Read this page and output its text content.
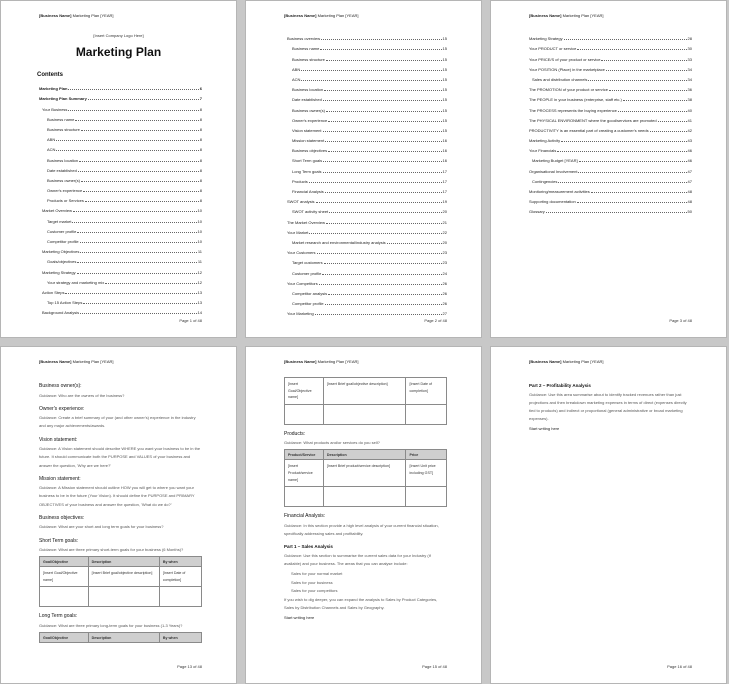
[Business Name] Marketing Plan [YEAR]
[Insert Company Logo Here]
Marketing Plan
Contents
Marketing Plan	6
Marketing Plan Summary	7
Your Business	8
Business name	8
Business structure	8
ABN	8
ACN	8
Business location	8
Date established	8
Business owner(s)	8
Owner's experience	8
Products or Services	8
Market Overview	10
Target market	10
Customer profile	10
Competitor profile	10
Marketing Objectives	11
Goals/objectives	11
Marketing Strategy	12
Your strategy and marketing mix	12
Action Steps	13
Top 15 Action Steps	13
Background Analysis	14
Page 1 of 48
[Business Name] Marketing Plan [YEAR]
Business overview	15
Business name	15
Business structure	15
ABN	15
ACN	15
Business location	15
Date established	15
Business owner(s)	15
Owner's experience	15
Vision statement	15
Mission statement	16
Business objectives	16
Short Term goals	16
Long Term goals	17
Products	17
Financial Analysis	17
SWOT analysis	19
SWOT activity sheet	20
The Market Overview	21
Your Market	22
Market research and environmental/industry analysis	20
Your Customers	23
Target customers	23
Customer profile	24
Your Competitors	26
Competitor analysis	26
Competitor profile	26
Your Marketing	27
Page 2 of 48
[Business Name] Marketing Plan [YEAR]
Marketing Strategy	28
Your PRODUCT or service	30
Your PRICE/S of your product or service	33
Your POSITION (Place) in the marketplace	34
Sales and distribution channels	34
The PROMOTION of your product or service	36
The PEOPLE in your business (enterprise, staff etc.)	38
The PROCESS represents the buying experience	40
The PHYSICAL ENVIRONMENT where the good/services are promoted	41
PRODUCTIVITY is an essential part of creating a customer's needs	42
Marketing Activity	43
Your Financials	46
Marketing Budget [YEAR]	46
Organisational Involvement	47
Contingencies	47
Monitoring/measurement activities	48
Supporting documentation	48
Glossary	50
Page 3 of 48
[Business Name] Marketing Plan [YEAR]
Business owner(s):
Guidance: Who are the owners of the business?
Owner's experience:
Guidance: Create a brief summary of your (and other owner's) experience in the industry and any major achievements/awards.
Vision statement:
Guidance: A Vision statement should describe WHERE you want your business to be in the future. It should communicate both the PURPOSE and VALUES of your business and answer the question, 'Why are we here?'
Mission statement:
Guidance: A Mission statement should outline HOW you will get to where you want your business to be in the future (Your Vision). It should define the PURPOSE and PRIMARY OBJECTIVES of your business and answer the question, 'What do we do?'
Business objectives:
Guidance: What are your short and long term goals for your business?
Short Term goals:
Guidance: What are three primary short-term goals for your business (6 Months)?
Goal/Objective	Description	By when
[Insert Goal/Objective name]	[Insert Brief goal/objective description]	[Insert Date of completion]

Long Term goals:
Guidance: What are three primary long-term goals for your business (1-3 Years)?
Goal/Objective	Description	By when
Page 13 of 48
[Business Name] Marketing Plan [YEAR]
[Insert Goal/Objective name]	[Insert Brief goal/objective description]	[Insert Date of completion]

Products:
Guidance: What products and/or services do you sell?
Product/Service	Description	Price
[Insert Product/service name]	[Insert Brief product/service description]	[Insert Unit price including GST]

Financial Analysis:
Guidance: In this section provide a high level analysis of your current financial situation, specifically addressing sales and profitability.
Part 1 – Sales Analysis
Guidance: Use this section to summarise the current sales data for your Industry (if available) and your business. The areas that you can analyse include:
Sales for your normal market
Sales for your business
Sales for your competitors
If you wish to dig deeper, you can expand the analysis to Sales by Product Categories, Sales by Distribution Channels and Sales by Geography.
Start writing here
Page 15 of 48
[Business Name] Marketing Plan [YEAR]
Part 2 – Profitability Analysis
Guidance: Use this area summarise about to identify tracked revenues rather than just projections and then breakdown marketing expenses in terms of direct (expenses directly tied to products) and indirect or proportional (general administrative or broad marketing expenses).
Start writing here
Page 16 of 48
